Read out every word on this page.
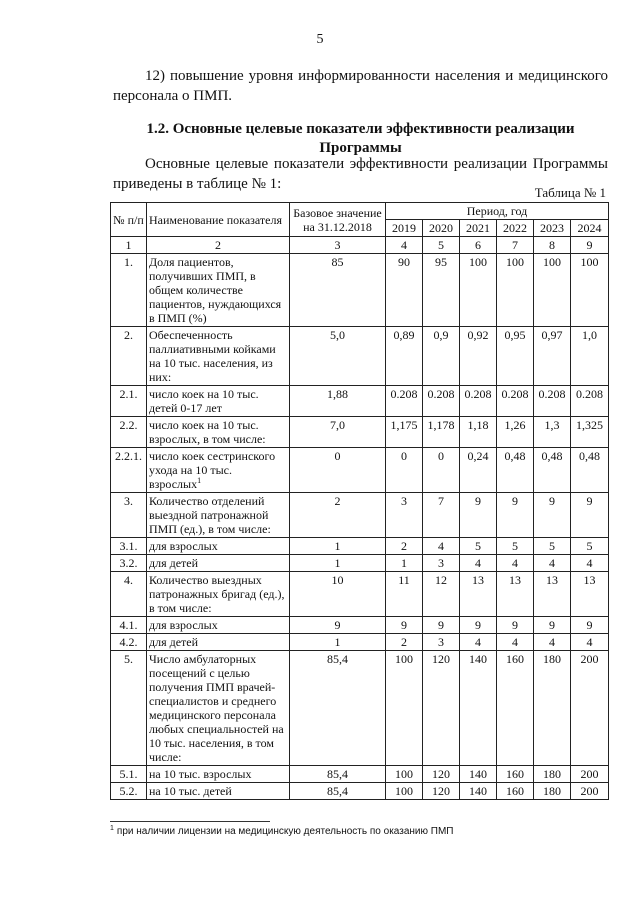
5
12) повышение уровня информированности населения и медицинского персонала о ПМП.
1.2. Основные целевые показатели эффективности реализации Программы
Основные целевые показатели эффективности реализации Программы приведены в таблице № 1:
Таблица № 1
№ п/п	Наименование показателя	Базовое значение на 31.12.2018	Период, год					
			2019	2020	2021	2022	2023	2024
1	2	3	4	5	6	7	8	9
1.	Доля пациентов, получивших ПМП, в общем количестве пациентов, нуждающихся в ПМП (%)	85	90	95	100	100	100	100
2.	Обеспеченность паллиативными койками на 10 тыс. населения, из них:	5,0	0,89	0,9	0,92	0,95	0,97	1,0
2.1.	число коек на 10 тыс. детей 0-17 лет	1,88	0.208	0.208	0.208	0.208	0.208	0.208
2.2.	число коек на 10 тыс. взрослых, в том числе:	7,0	1,175	1,178	1,18	1,26	1,3	1,325
2.2.1.	число коек сестринского ухода на 10 тыс. взрослых$^1$	0	0	0	0,24	0,48	0,48	0,48
3.	Количество отделений выездной патронажной ПМП (ед.), в том числе:	2	3	7	9	9	9	9
3.1.	для взрослых	1	2	4	5	5	5	5
3.2.	для детей	1	1	3	4	4	4	4
4.	Количество выездных патронажных бригад (ед.), в том числе:	10	11	12	13	13	13	13
4.1.	для взрослых	9	9	9	9	9	9	9
4.2.	для детей	1	2	3	4	4	4	4
5.	Число амбулаторных посещений с целью получения ПМП врачей-специалистов и среднего медицинского персонала любых специальностей на 10 тыс. населения, в том числе:	85,4	100	120	140	160	180	200
5.1.	на 10 тыс. взрослых	85,4	100	120	140	160	180	200
5.2.	на 10 тыс. детей	85,4	100	120	140	160	180	200
$^1$ при наличии лицензии на медицинскую деятельность по оказанию ПМП
